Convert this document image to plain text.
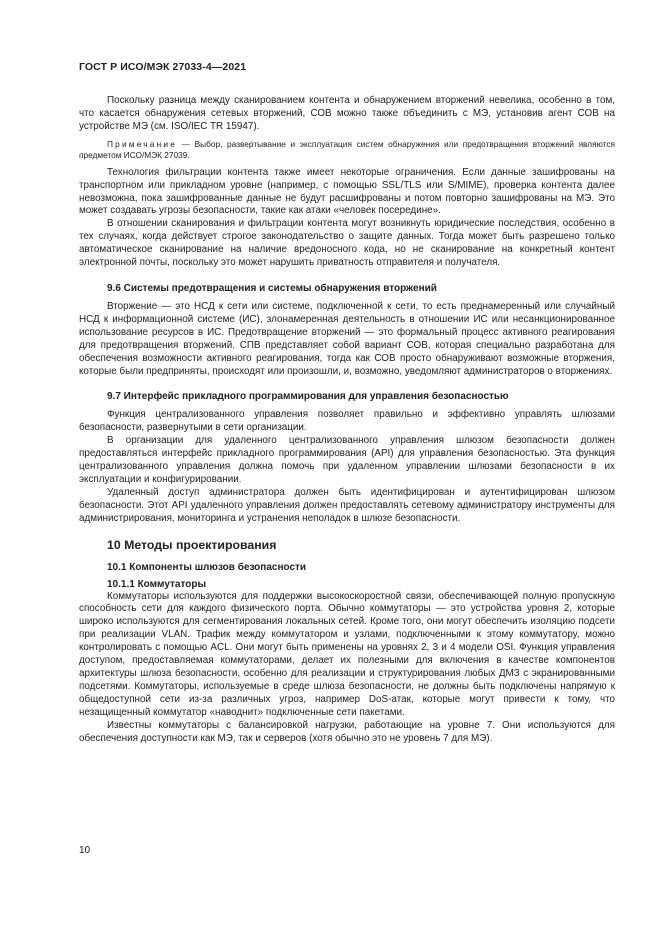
ГОСТ Р ИСО/МЭК 27033-4—2021

Поскольку разница между сканированием контента и обнаружением вторжений невелика, особенно в том, что касается обнаружения сетевых вторжений, СОВ можно также объединить с МЭ, установив агент СОВ на устройстве МЭ (см. ISO/IEC TR 15947).

Примечание — Выбор, развертывание и эксплуатация систем обнаружения или предотвращения вторжений являются предметом ИСО/МЭК 27039.

Технология фильтрации контента также имеет некоторые ограничения. Если данные зашифрованы на транспортном или прикладном уровне (например, с помощью SSL/TLS или S/MIME), проверка контента далее невозможна, пока зашифрованные данные не будут расшифрованы и потом повторно зашифрованы на МЭ. Это может создавать угрозы безопасности, такие как атаки «человек посередине».

В отношении сканирования и фильтрации контента могут возникнуть юридические последствия, особенно в тех случаях, когда действует строгое законодательство о защите данных. Тогда может быть разрешено только автоматическое сканирование на наличие вредоносного кода, но не сканирование на конкретный контент электронной почты, поскольку это может нарушить приватность отправителя и получателя.

9.6 Системы предотвращения и системы обнаружения вторжений

Вторжение — это НСД к сети или системе, подключенной к сети, то есть преднамеренный или случайный НСД к информационной системе (ИС), злонамеренная деятельность в отношении ИС или несанкционированное использование ресурсов в ИС. Предотвращение вторжений — это формальный процесс активного реагирования для предотвращения вторжений. СПВ представляет собой вариант СОВ, которая специально разработана для обеспечения возможности активного реагирования, тогда как СОВ просто обнаруживают возможные вторжения, которые были предприняты, происходят или произошли, и, возможно, уведомляют администраторов о вторжениях.

9.7 Интерфейс прикладного программирования для управления безопасностью

Функция централизованного управления позволяет правильно и эффективно управлять шлюзами безопасности, развернутыми в сети организации.

В организации для удаленного централизованного управления шлюзом безопасности должен предоставляться интерфейс прикладного программирования (API) для управления безопасностью. Эта функция централизованного управления должна помочь при удаленном управлении шлюзами безопасности в их эксплуатации и конфигурировании.

Удаленный доступ администратора должен быть идентифицирован и аутентифицирован шлюзом безопасности. Этот API удаленного управления должен предоставлять сетевому администратору инструменты для администрирования, мониторинга и устранения неполадок в шлюзе безопасности.

10 Методы проектирования
10.1 Компоненты шлюзов безопасности
10.1.1 Коммутаторы

Коммутаторы используются для поддержки высокоскоростной связи, обеспечивающей полную пропускную способность сети для каждого физического порта. Обычно коммутаторы — это устройства уровня 2, которые широко используются для сегментирования локальных сетей. Кроме того, они могут обеспечить изоляцию подсети при реализации VLAN. Трафик между коммутатором и узлами, подключенными к этому коммутатору, можно контролировать с помощью ACL. Они могут быть применены на уровнях 2, 3 и 4 модели OSI. Функция управления доступом, предоставляемая коммутаторами, делает их полезными для включения в качестве компонентов архитектуры шлюза безопасности, особенно для реализации и структурирования любых ДМЗ с экранированными подсетями. Коммутаторы, используемые в среде шлюза безопасности, не должны быть подключены напрямую к общедоступной сети из-за различных угроз, например DoS-атак, которые могут привести к тому, что незащищенный коммутатор «наводнит» подключенные сети пакетами.

Известны коммутаторы с балансировкой нагрузки, работающие на уровне 7. Они используются для обеспечения доступности как МЭ, так и серверов (хотя обычно это не уровень 7 для МЭ).

10
